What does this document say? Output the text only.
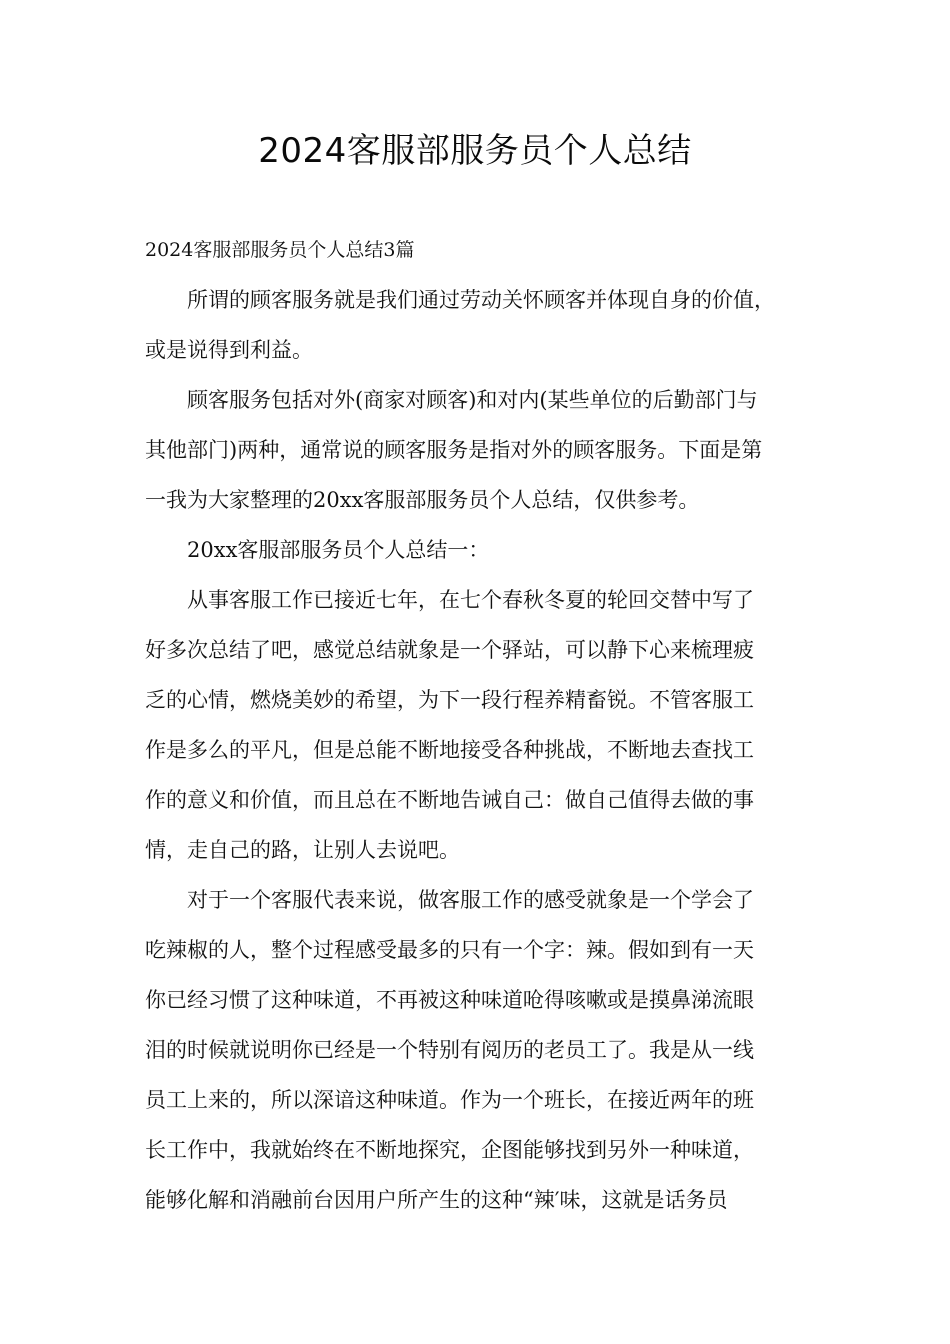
2024客服部服务员个人总结
2024客服部服务员个人总结3篇
所谓的顾客服务就是我们通过劳动关怀顾客并体现自身的价值，
或是说得到利益。
顾客服务包括对外(商家对顾客)和对内(某些单位的后勤部门与
其他部门)两种，通常说的顾客服务是指对外的顾客服务。下面是第
一我为大家整理的20xx客服部服务员个人总结，仅供参考。
20xx客服部服务员个人总结一：
从事客服工作已接近七年，在七个春秋冬夏的轮回交替中写了
好多次总结了吧，感觉总结就象是一个驿站，可以静下心来梳理疲
乏的心情，燃烧美妙的希望，为下一段行程养精畜锐。不管客服工
作是多么的平凡，但是总能不断地接受各种挑战，不断地去查找工
作的意义和价值，而且总在不断地告诫自己：做自己值得去做的事
情，走自己的路，让别人去说吧。
对于一个客服代表来说，做客服工作的感受就象是一个学会了
吃辣椒的人，整个过程感受最多的只有一个字：辣。假如到有一天
你已经习惯了这种味道，不再被这种味道呛得咳嗽或是摸鼻涕流眼
泪的时候就说明你已经是一个特别有阅历的老员工了。我是从一线
员工上来的，所以深谙这种味道。作为一个班长，在接近两年的班
长工作中，我就始终在不断地探究，企图能够找到另外一种味道，
能够化解和消融前台因用户所产生的这种“辣′味，这就是话务员
